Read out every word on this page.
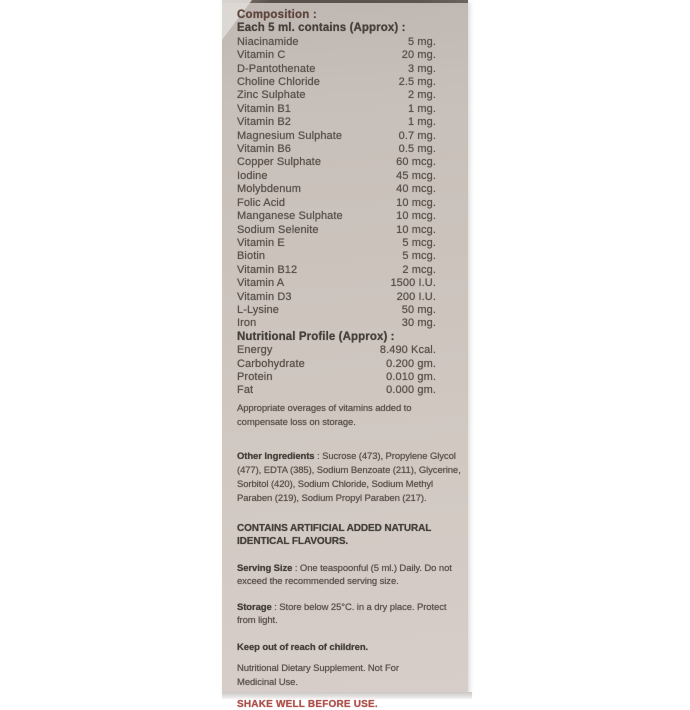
Composition :
Each 5 ml. contains (Approx) :
Niacinamide	5 mg.
Vitamin C	20 mg.
D-Pantothenate	3 mg.
Choline Chloride	2.5 mg.
Zinc Sulphate	2 mg.
Vitamin B1	1 mg.
Vitamin B2	1 mg.
Magnesium Sulphate	0.7 mg.
Vitamin B6	0.5 mg.
Copper Sulphate	60 mcg.
Iodine	45 mcg.
Molybdenum	40 mcg.
Folic Acid	10 mcg.
Manganese Sulphate	10 mcg.
Sodium Selenite	10 mcg.
Vitamin E	5 mcg.
Biotin	5 mcg.
Vitamin B12	2 mcg.
Vitamin A	1500 I.U.
Vitamin D3	200 I.U.
L-Lysine	50 mg.
Iron	30 mg.
Nutritional Profile (Approx) :
Energy	8.490 Kcal.
Carbohydrate	0.200 gm.
Protein	0.010 gm.
Fat	0.000 gm.
Appropriate overages of vitamins added to
compensate loss on storage.
Other Ingredients : Sucrose (473), Propylene Glycol
(477), EDTA (385), Sodium Benzoate (211), Glycerine,
Sorbitol (420), Sodium Chloride, Sodium Methyl
Paraben (219), Sodium Propyl Paraben (217).
CONTAINS ARTIFICIAL ADDED NATURAL
IDENTICAL FLAVOURS.
Serving Size : One teaspoonful (5 ml.) Daily. Do not
exceed the recommended serving size.
Storage : Store below 25°C. in a dry place. Protect
from light.
Keep out of reach of children.
Nutritional Dietary Supplement. Not For
Medicinal Use.
SHAKE WELL BEFORE USE.
